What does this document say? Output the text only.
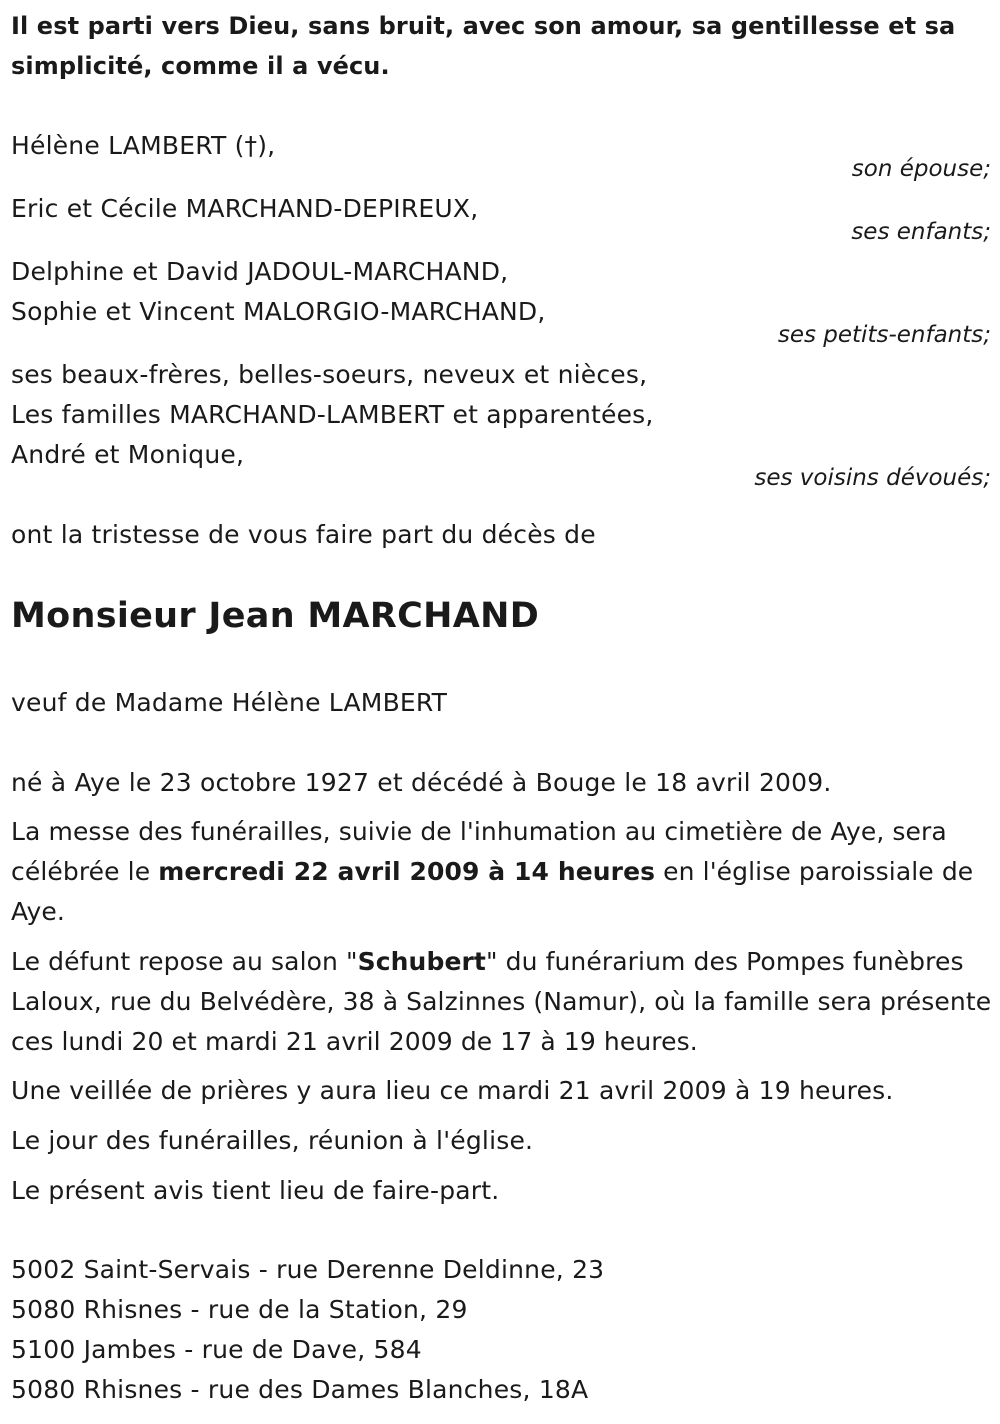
Il est parti vers Dieu, sans bruit, avec son amour, sa gentillesse et sa simplicité, comme il a vécu.
Hélène LAMBERT (†),
son épouse;
Eric et Cécile MARCHAND-DEPIREUX,
ses enfants;
Delphine et David JADOUL-MARCHAND,
Sophie et Vincent MALORGIO-MARCHAND,
ses petits-enfants;
ses beaux-frères, belles-soeurs, neveux et nièces,
Les familles MARCHAND-LAMBERT et apparentées,
André et Monique,
ses voisins dévoués;
ont la tristesse de vous faire part du décès de
Monsieur Jean MARCHAND
veuf de Madame Hélène LAMBERT
né à Aye le 23 octobre 1927 et décédé à Bouge le 18 avril 2009.
La messe des funérailles, suivie de l'inhumation au cimetière de Aye, sera célébrée le mercredi 22 avril 2009 à 14 heures en l'église paroissiale de Aye.
Le défunt repose au salon "Schubert" du funérarium des Pompes funèbres Laloux, rue du Belvédère, 38 à Salzinnes (Namur), où la famille sera présente ces lundi 20 et mardi 21 avril 2009 de 17 à 19 heures.
Une veillée de prières y aura lieu ce mardi 21 avril 2009 à 19 heures.
Le jour des funérailles, réunion à l'église.
Le présent avis tient lieu de faire-part.
5002 Saint-Servais - rue Derenne Deldinne, 23
5080 Rhisnes - rue de la Station, 29
5100 Jambes - rue de Dave, 584
5080 Rhisnes - rue des Dames Blanches, 18A
